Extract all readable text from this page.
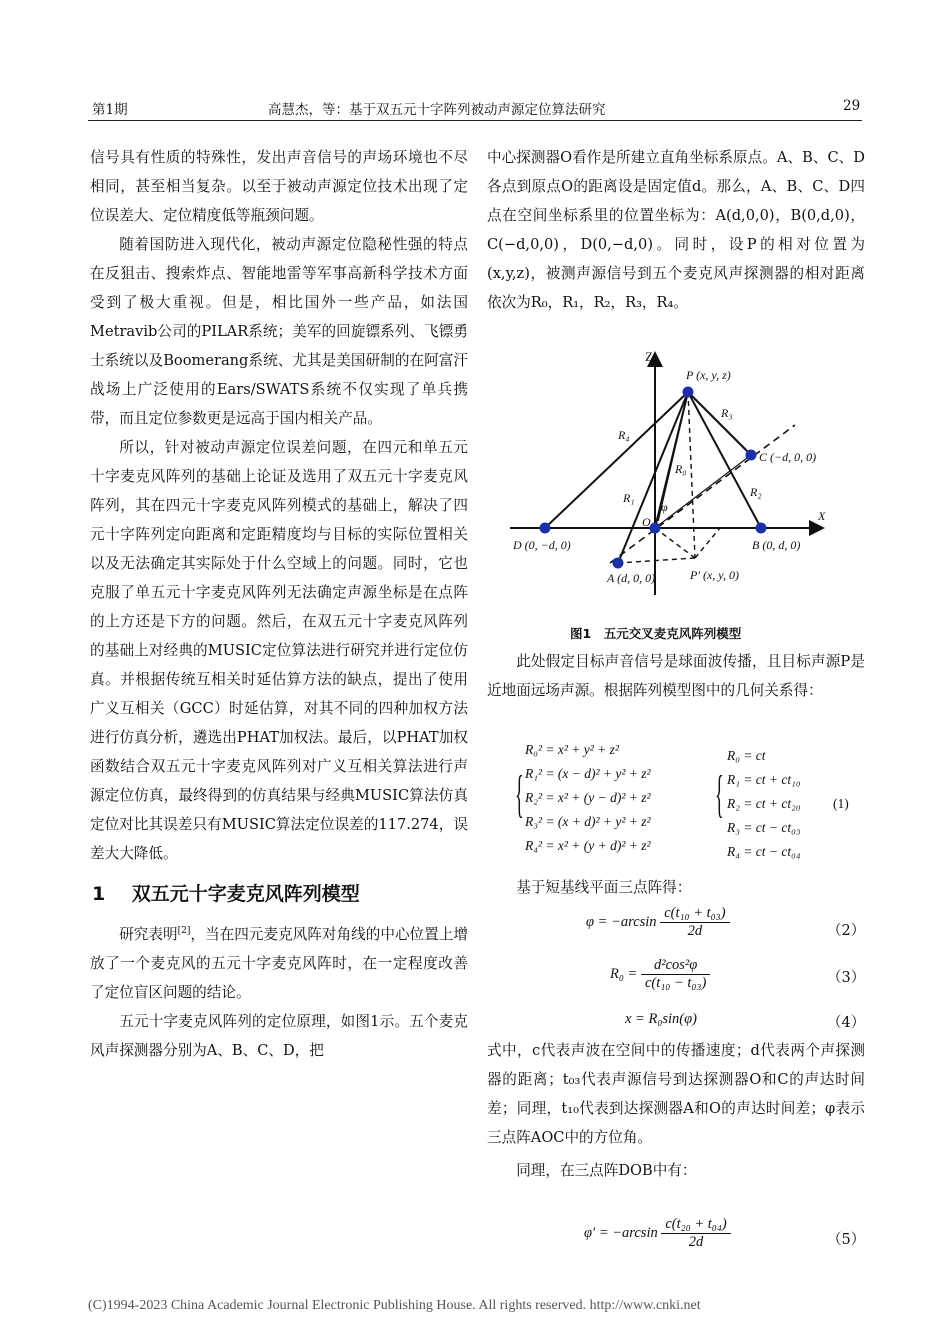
第1期	高慧杰，等：基于双五元十字阵列被动声源定位算法研究	29

信号具有性质的特殊性，发出声音信号的声场环境也不尽相同，甚至相当复杂。以至于被动声源定位技术出现了定位误差大、定位精度低等瓶颈问题。

随着国防进入现代化，被动声源定位隐秘性强的特点在反狙击、搜索炸点、智能地雷等军事高新科学技术方面受到了极大重视。但是，相比国外一些产品，如法国Metravib公司的PILAR系统；美军的回旋镖系列、飞镖勇士系统以及Boomerang系统、尤其是美国研制的在阿富汗战场上广泛使用的Ears/SWATS系统不仅实现了单兵携带，而且定位参数更是远高于国内相关产品。

所以，针对被动声源定位误差问题，在四元和单五元十字麦克风阵列的基础上论证及选用了双五元十字麦克风阵列，其在四元十字麦克风阵列模式的基础上，解决了四元十字阵列定向距离和定距精度均与目标的实际位置相关以及无法确定其实际处于什么空域上的问题。同时，它也克服了单五元十字麦克风阵列无法确定声源坐标是在点阵的上方还是下方的问题。然后，在双五元十字麦克风阵列的基础上对经典的MUSIC定位算法进行研究并进行定位仿真。并根据传统互相关时延估算方法的缺点，提出了使用广义互相关（GCC）时延估算，对其不同的四种加权方法进行仿真分析，遴选出PHAT加权法。最后，以PHAT加权函数结合双五元十字麦克风阵列对广义互相关算法进行声源定位仿真，最终得到的仿真结果与经典MUSIC算法仿真定位对比其误差只有MUSIC算法定位误差的117.274，误差大大降低。

1 双五元十字麦克风阵列模型

研究表明[2]，当在四元麦克风阵对角线的中心位置上增放了一个麦克风的五元十字麦克风阵时，在一定程度改善了定位盲区问题的结论。

五元十字麦克风阵列的定位原理，如图1示。五个麦克风声探测器分别为A、B、C、D，把

中心探测器O看作是所建立直角坐标系原点。A、B、C、D各点到原点O的距离设是固定值d。那么，A、B、C、D四点在空间坐标系里的位置坐标为：A(d,0,0)，B(0,d,0)，C(−d,0,0)，D(0,−d,0)。同时，设P的相对位置为(x,y,z)，被测声源信号到五个麦克风声探测器的相对距离依次为R₀，R₁，R₂，R₃，R₄。

Z
X
O
P (x, y, z)
C (−d, 0, 0)
B (0, d, 0)
D (0, −d, 0)
A (d, 0, 0)	P′ (x, y, 0)
R₄
R₃
R₀
R₁	R₂
φ
图1　五元交叉麦克风阵列模型

此处假定目标声音信号是球面波传播，且目标声源P是近地面远场声源。根据阵列模型图中的几何关系得：

{
R₀² = x² + y² + z²
R₁² = (x − d)² + y² + z²
R₂² = x² + (y − d)² + z²
R₃² = (x + d)² + y² + z²
R₄² = x² + (y + d)² + z²
{
R₀ = ct
R₁ = ct + ct₁₀
R₂ = ct + ct₂₀
R₃ = ct − ct₀₃
R₄ = ct − ct₀₄
(1)

基于短基线平面三点阵得：

$\varphi = -\arcsin \frac{\text{c(t₁₀ + t₀₃)}}{2d}$	（2）
$R_0 = \frac{\text{d²cos²φ}}{\text{c(t₁₀ − t₀₃)}}$	（3）
x = R₀sin(φ)	（4）

式中，c代表声波在空间中的传播速度；d代表两个声探测器的距离；t₀₃代表声源信号到达探测器O和C的声达时间差；同理，t₁₀代表到达探测器A和O的声达时间差；φ表示三点阵AOC中的方位角。

同理，在三点阵DOB中有：

$\varphi' = -\arcsin \frac{\text{c(t₂₀ + t₀₄)}}{2d}$	（5）
(C)1994-2023 China Academic Journal Electronic Publishing House. All rights reserved. http://www.cnki.net
